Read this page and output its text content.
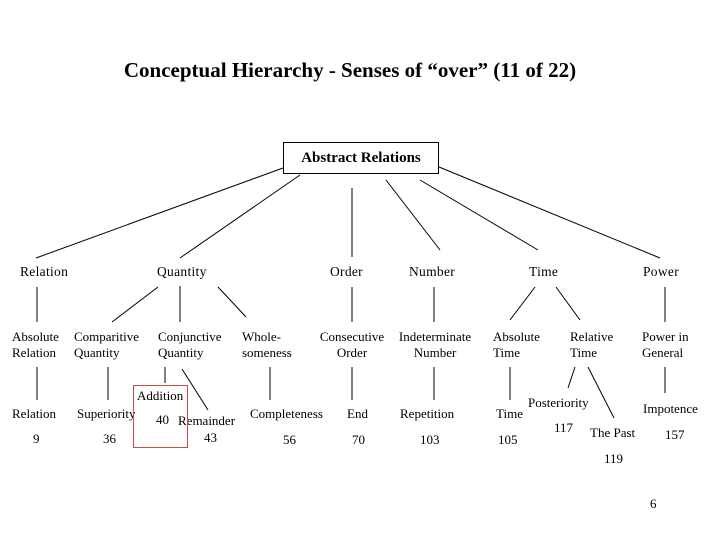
Conceptual Hierarchy - Senses of “over” (11 of 22)
Abstract Relations
Relation	Quantity	Order	Number	Time	Power
Absolute
Relation
Comparitive
Quantity
Conjunctive
Quantity
Whole-
someness
Consecutive
Order
Indeterminate
Number
Absolute
Time
Relative
Time
Power in
General
Relation
9
Superiority
36
Addition
40 Remainder
43
Completeness
56
End
70
Repetition
103
Time
105
Posteriority
117 The Past
119
Impotence
157
6
